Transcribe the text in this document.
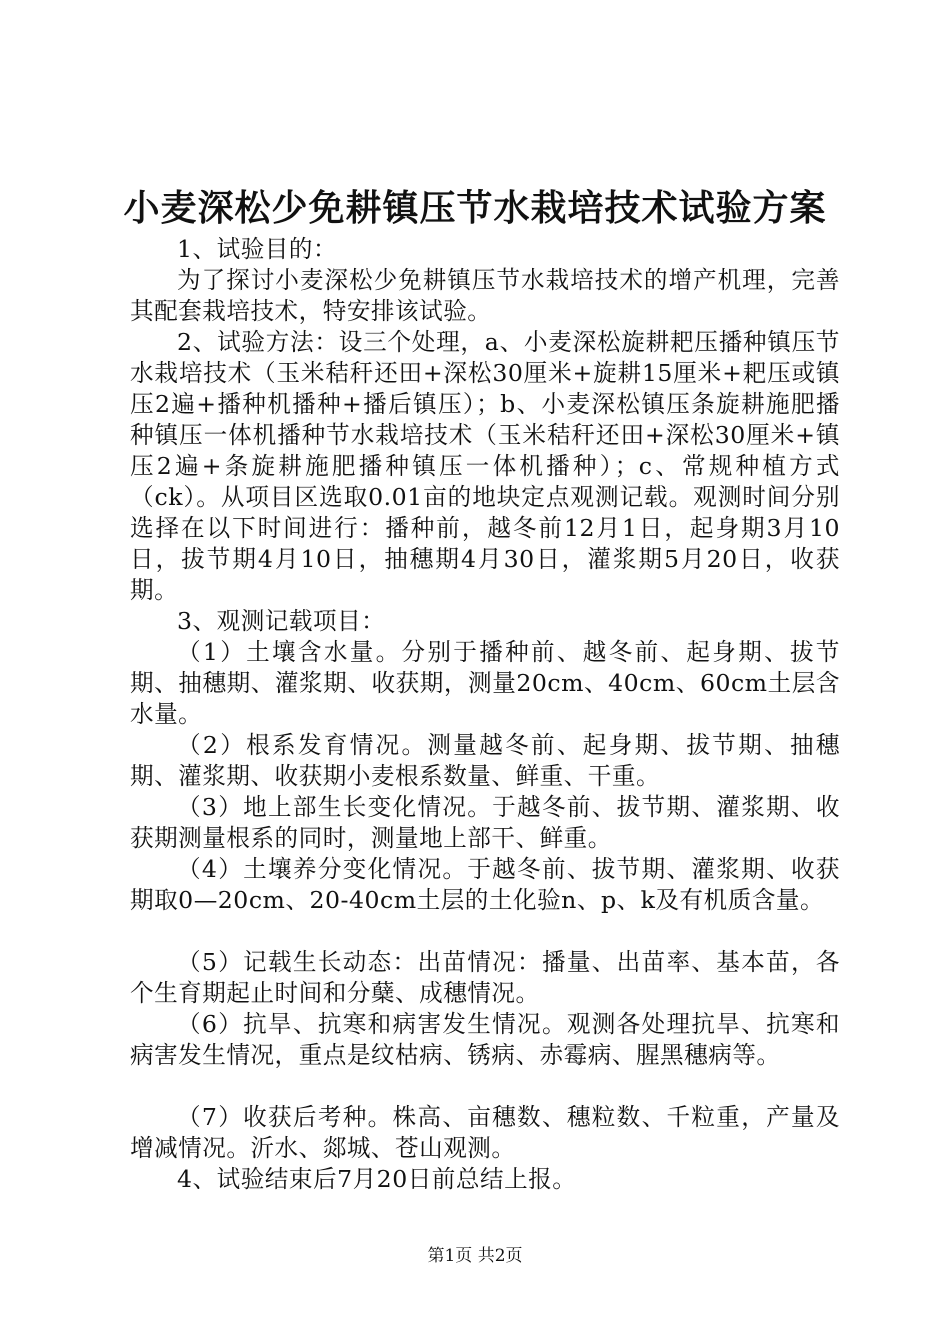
小麦深松少免耕镇压节水栽培技术试验方案

1、试验目的：

为了探讨小麦深松少免耕镇压节水栽培技术的增产机理，完善其配套栽培技术，特安排该试验。

2、试验方法：设三个处理，a、小麦深松旋耕耙压播种镇压节水栽培技术（玉米秸秆还田+深松30厘米+旋耕15厘米+耙压或镇压2遍+播种机播种+播后镇压）；b、小麦深松镇压条旋耕施肥播种镇压一体机播种节水栽培技术（玉米秸秆还田+深松30厘米+镇压2遍+条旋耕施肥播种镇压一体机播种）；c、常规种植方式（ck）。从项目区选取0.01亩的地块定点观测记载。观测时间分别选择在以下时间进行：播种前，越冬前12月1日，起身期3月10日，拔节期4月10日，抽穗期4月30日，灌浆期5月20日，收获期。

3、观测记载项目：

（1）土壤含水量。分别于播种前、越冬前、起身期、拔节期、抽穗期、灌浆期、收获期，测量20cm、40cm、60cm土层含水量。

（2）根系发育情况。测量越冬前、起身期、拔节期、抽穗期、灌浆期、收获期小麦根系数量、鲜重、干重。

（3）地上部生长变化情况。于越冬前、拔节期、灌浆期、收获期测量根系的同时，测量地上部干、鲜重。

（4）土壤养分变化情况。于越冬前、拔节期、灌浆期、收获期取0—20cm、20-40cm土层的土化验n、p、k及有机质含量。

（5）记载生长动态：出苗情况：播量、出苗率、基本苗，各个生育期起止时间和分蘖、成穗情况。

（6）抗旱、抗寒和病害发生情况。观测各处理抗旱、抗寒和病害发生情况，重点是纹枯病、锈病、赤霉病、腥黑穗病等。

（7）收获后考种。株高、亩穗数、穗粒数、千粒重，产量及增减情况。沂水、郯城、苍山观测。

4、试验结束后7月20日前总结上报。

第1页 共2页
